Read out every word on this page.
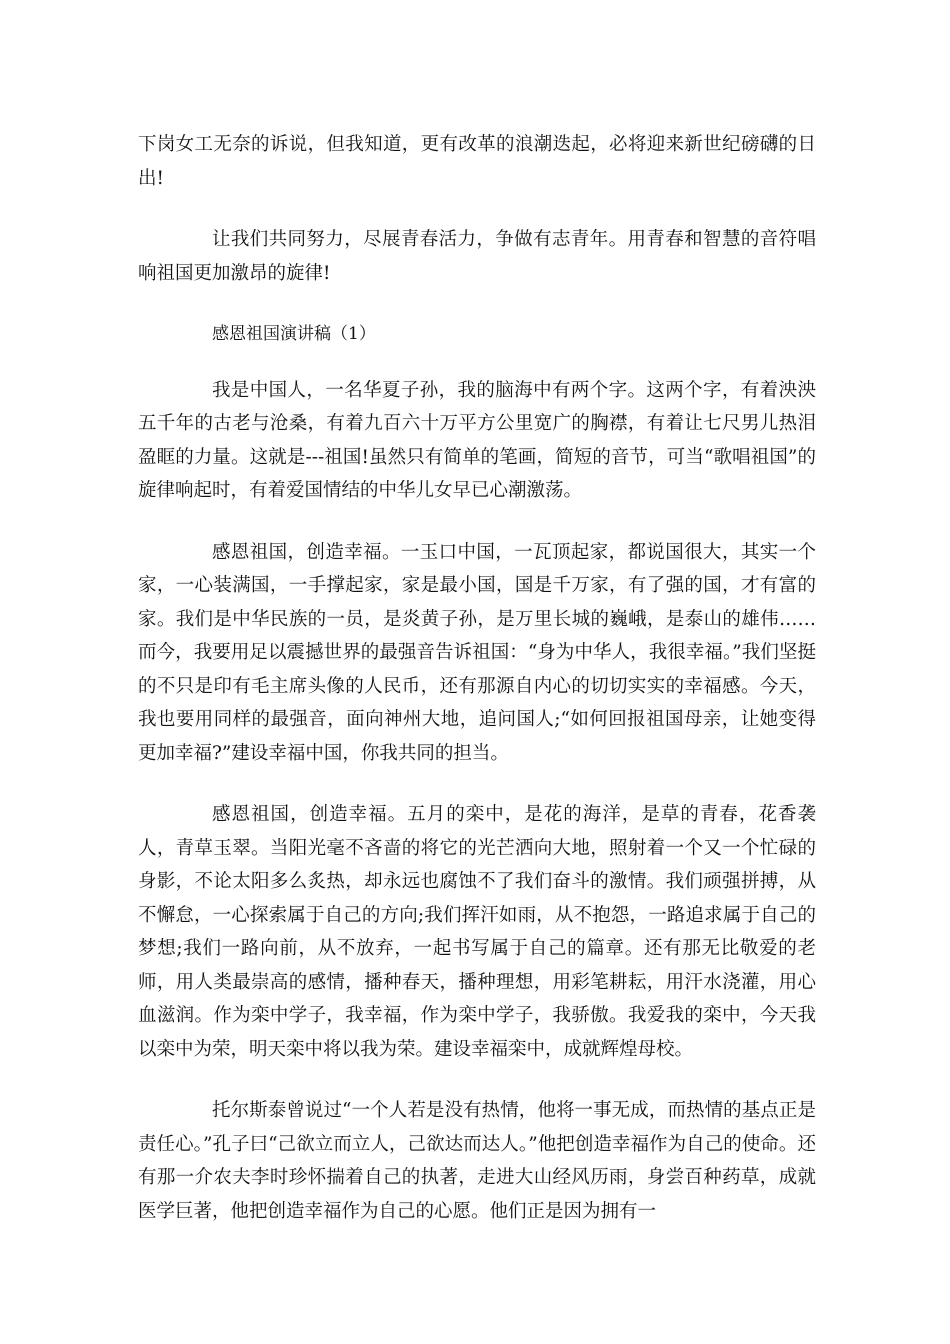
下岗女工无奈的诉说，但我知道，更有改革的浪潮迭起，必将迎来新世纪磅礴的日出!

让我们共同努力，尽展青春活力，争做有志青年。用青春和智慧的音符唱响祖国更加激昂的旋律!

感恩祖国演讲稿（1）

我是中国人，一名华夏子孙，我的脑海中有两个字。这两个字，有着泱泱五千年的古老与沧桑，有着九百六十万平方公里宽广的胸襟，有着让七尺男儿热泪盈眶的力量。这就是---祖国!虽然只有简单的笔画，简短的音节，可当“歌唱祖国”的旋律响起时，有着爱国情结的中华儿女早已心潮激荡。

感恩祖国，创造幸福。一玉口中国，一瓦顶起家，都说国很大，其实一个家，一心装满国，一手撑起家，家是最小国，国是千万家，有了强的国，才有富的家。我们是中华民族的一员，是炎黄子孙，是万里长城的巍峨，是泰山的雄伟……而今，我要用足以震撼世界的最强音告诉祖国：“身为中华人，我很幸福。”我们坚挺的不只是印有毛主席头像的人民币，还有那源自内心的切切实实的幸福感。今天，我也要用同样的最强音，面向神州大地，追问国人;“如何回报祖国母亲，让她变得更加幸福?”建设幸福中国，你我共同的担当。

感恩祖国，创造幸福。五月的栾中，是花的海洋，是草的青春，花香袭人，青草玉翠。当阳光毫不吝啬的将它的光芒洒向大地，照射着一个又一个忙碌的身影，不论太阳多么炙热，却永远也腐蚀不了我们奋斗的激情。我们顽强拼搏，从不懈怠，一心探索属于自己的方向;我们挥汗如雨，从不抱怨，一路追求属于自己的梦想;我们一路向前，从不放弃，一起书写属于自己的篇章。还有那无比敬爱的老师，用人类最崇高的感情，播种春天，播种理想，用彩笔耕耘，用汗水浇灌，用心血滋润。作为栾中学子，我幸福，作为栾中学子，我骄傲。我爱我的栾中，今天我以栾中为荣，明天栾中将以我为荣。建设幸福栾中，成就辉煌母校。

托尔斯泰曾说过“一个人若是没有热情，他将一事无成，而热情的基点正是责任心。”孔子曰“己欲立而立人，己欲达而达人。”他把创造幸福作为自己的使命。还有那一介农夫李时珍怀揣着自己的执著，走进大山经风历雨，身尝百种药草，成就医学巨著，他把创造幸福作为自己的心愿。他们正是因为拥有一
